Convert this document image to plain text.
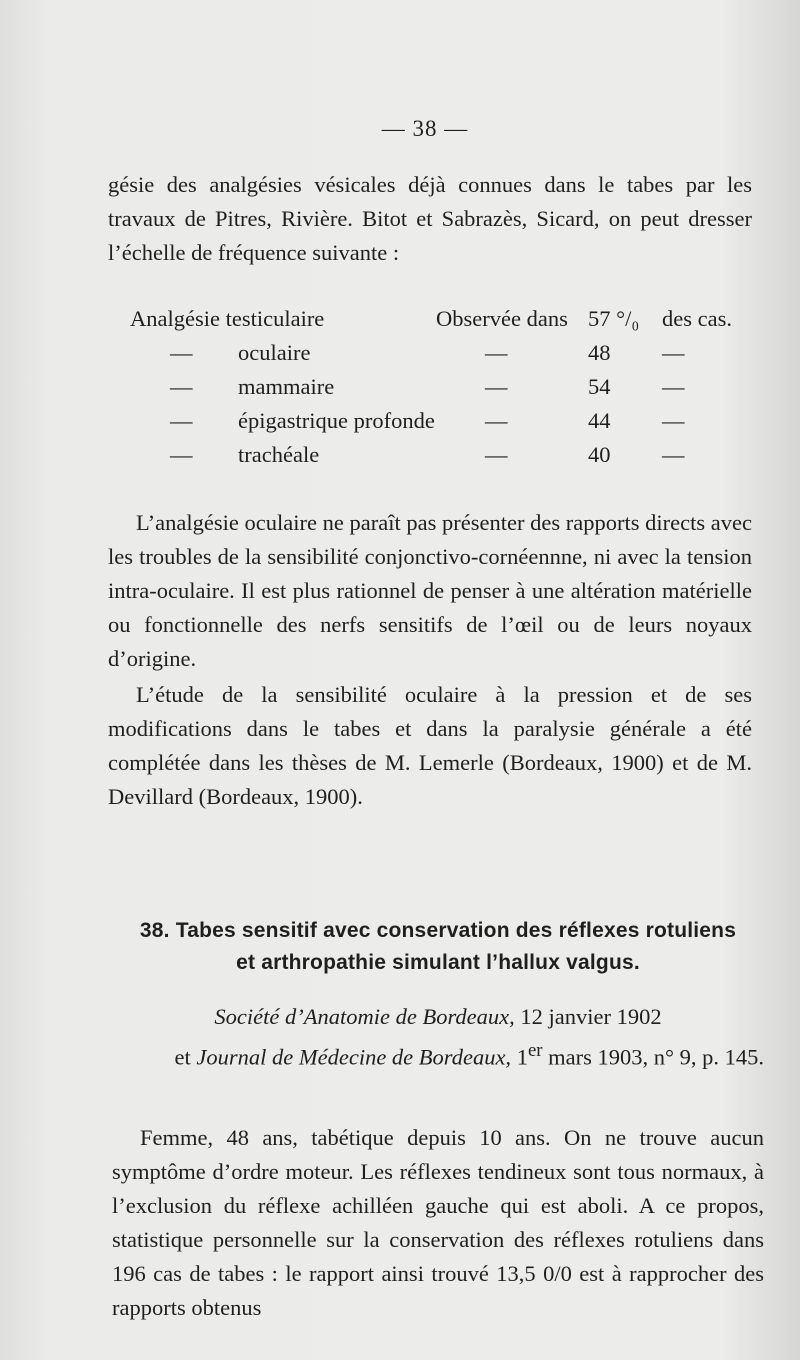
— 38 —

gésie des analgésies vésicales déjà connues dans le tabes par les travaux de Pitres, Rivière. Bitot et Sabrazès, Sicard, on peut dresser l’échelle de fréquence suivante :

Analgésie testiculaire	Observée dans 57 °/₀ des cas.
— oculaire	—	48 —
— mammaire	—	54 —
— épigastrique profonde —	44 —
— trachéale	—	40 —

L’analgésie oculaire ne paraît pas présenter des rapports directs avec les troubles de la sensibilité conjonctivo-cornéennne, ni avec la tension intra-oculaire. Il est plus rationnel de penser à une altération matérielle ou fonctionnelle des nerfs sensitifs de l’œil ou de leurs noyaux d’origine.

L’étude de la sensibilité oculaire à la pression et de ses modifications dans le tabes et dans la paralysie générale a été complétée dans les thèses de M. Lemerle (Bordeaux, 1900) et de M. Devillard (Bordeaux, 1900).

38. Tabes sensitif avec conservation des réflexes rotuliens
et arthropathie simulant l’hallux valgus.

Société d’Anatomie de Bordeaux, 12 janvier 1902
et Journal de Médecine de Bordeaux, 1er mars 1903, n° 9, p. 145.

Femme, 48 ans, tabétique depuis 10 ans. On ne trouve aucun symptôme d’ordre moteur. Les réflexes tendineux sont tous normaux, à l’exclusion du réflexe achilléen gauche qui est aboli. A ce propos, statistique personnelle sur la conservation des réflexes rotuliens dans 196 cas de tabes : le rapport ainsi trouvé 13,5 0/0 est à rapprocher des rapports obtenus
